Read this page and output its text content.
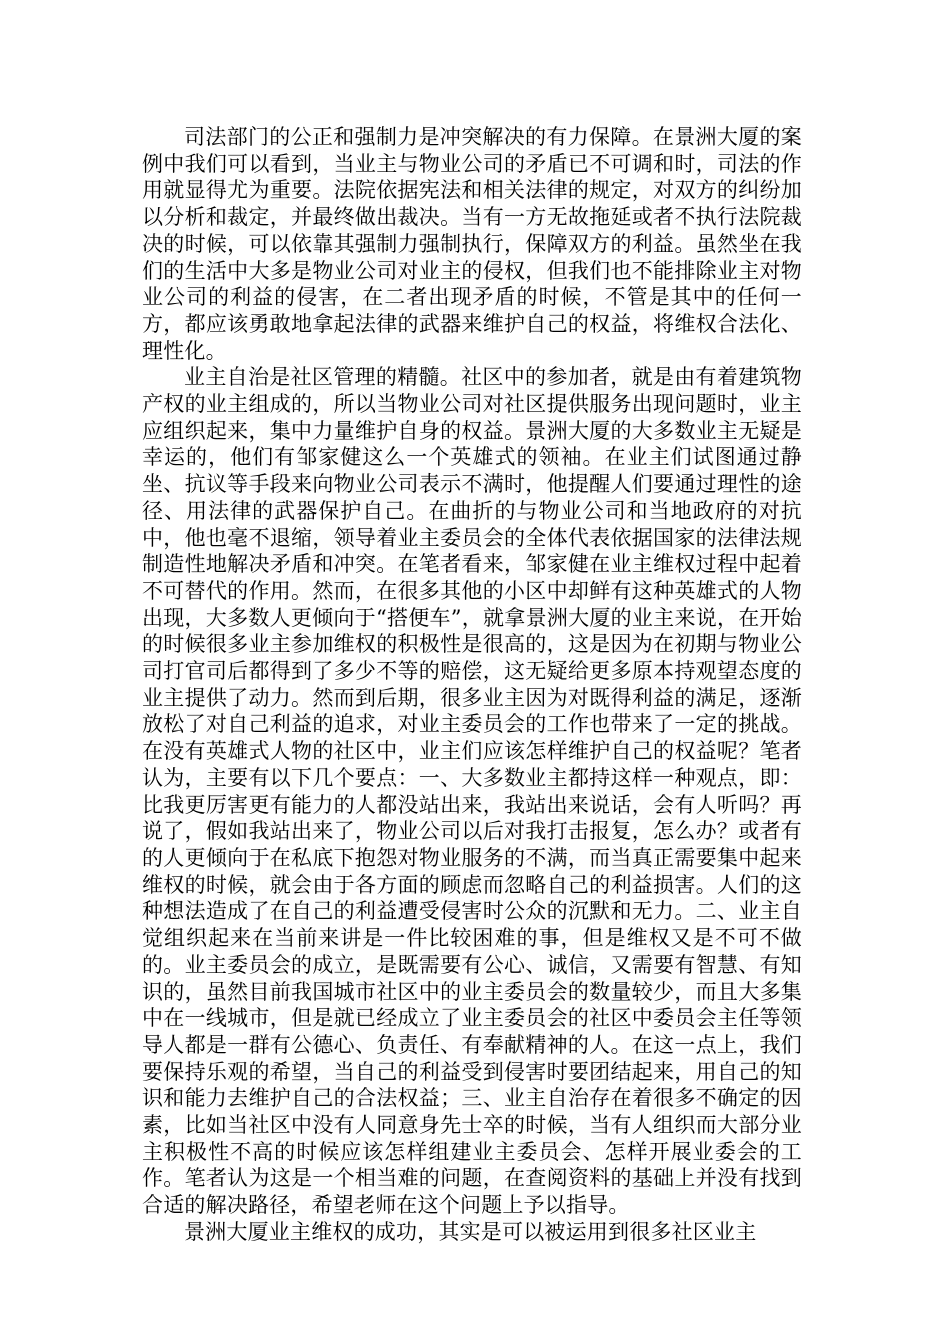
司法部门的公正和强制力是冲突解决的有力保障。在景洲大厦的案例中我们可以看到，当业主与物业公司的矛盾已不可调和时，司法的作用就显得尤为重要。法院依据宪法和相关法律的规定，对双方的纠纷加以分析和裁定，并最终做出裁决。当有一方无故拖延或者不执行法院裁决的时候，可以依靠其强制力强制执行，保障双方的利益。虽然坐在我们的生活中大多是物业公司对业主的侵权，但我们也不能排除业主对物业公司的利益的侵害，在二者出现矛盾的时候，不管是其中的任何一方，都应该勇敢地拿起法律的武器来维护自己的权益，将维权合法化、理性化。

业主自治是社区管理的精髓。社区中的参加者，就是由有着建筑物产权的业主组成的，所以当物业公司对社区提供服务出现问题时，业主应组织起来，集中力量维护自身的权益。景洲大厦的大多数业主无疑是幸运的，他们有邹家健这么一个英雄式的领袖。在业主们试图通过静坐、抗议等手段来向物业公司表示不满时，他提醒人们要通过理性的途径、用法律的武器保护自己。在曲折的与物业公司和当地政府的对抗中，他也毫不退缩，领导着业主委员会的全体代表依据国家的法律法规制造性地解决矛盾和冲突。在笔者看来，邹家健在业主维权过程中起着不可替代的作用。然而，在很多其他的小区中却鲜有这种英雄式的人物出现，大多数人更倾向于“搭便车”，就拿景洲大厦的业主来说，在开始的时候很多业主参加维权的积极性是很高的，这是因为在初期与物业公司打官司后都得到了多少不等的赔偿，这无疑给更多原本持观望态度的业主提供了动力。然而到后期，很多业主因为对既得利益的满足，逐渐放松了对自己利益的追求，对业主委员会的工作也带来了一定的挑战。在没有英雄式人物的社区中，业主们应该怎样维护自己的权益呢？笔者认为，主要有以下几个要点：一、大多数业主都持这样一种观点，即：比我更厉害更有能力的人都没站出来，我站出来说话，会有人听吗？再说了，假如我站出来了，物业公司以后对我打击报复，怎么办？或者有的人更倾向于在私底下抱怨对物业服务的不满，而当真正需要集中起来维权的时候，就会由于各方面的顾虑而忽略自己的利益损害。人们的这种想法造成了在自己的利益遭受侵害时公众的沉默和无力。二、业主自觉组织起来在当前来讲是一件比较困难的事，但是维权又是不可不做的。业主委员会的成立，是既需要有公心、诚信，又需要有智慧、有知识的，虽然目前我国城市社区中的业主委员会的数量较少，而且大多集中在一线城市，但是就已经成立了业主委员会的社区中委员会主任等领导人都是一群有公德心、负责任、有奉献精神的人。在这一点上，我们要保持乐观的希望，当自己的利益受到侵害时要团结起来，用自己的知识和能力去维护自己的合法权益；三、业主自治存在着很多不确定的因素，比如当社区中没有人同意身先士卒的时候，当有人组织而大部分业主积极性不高的时候应该怎样组建业主委员会、怎样开展业委会的工作。笔者认为这是一个相当难的问题，在查阅资料的基础上并没有找到合适的解决路径，希望老师在这个问题上予以指导。

景洲大厦业主维权的成功，其实是可以被运用到很多社区业主
